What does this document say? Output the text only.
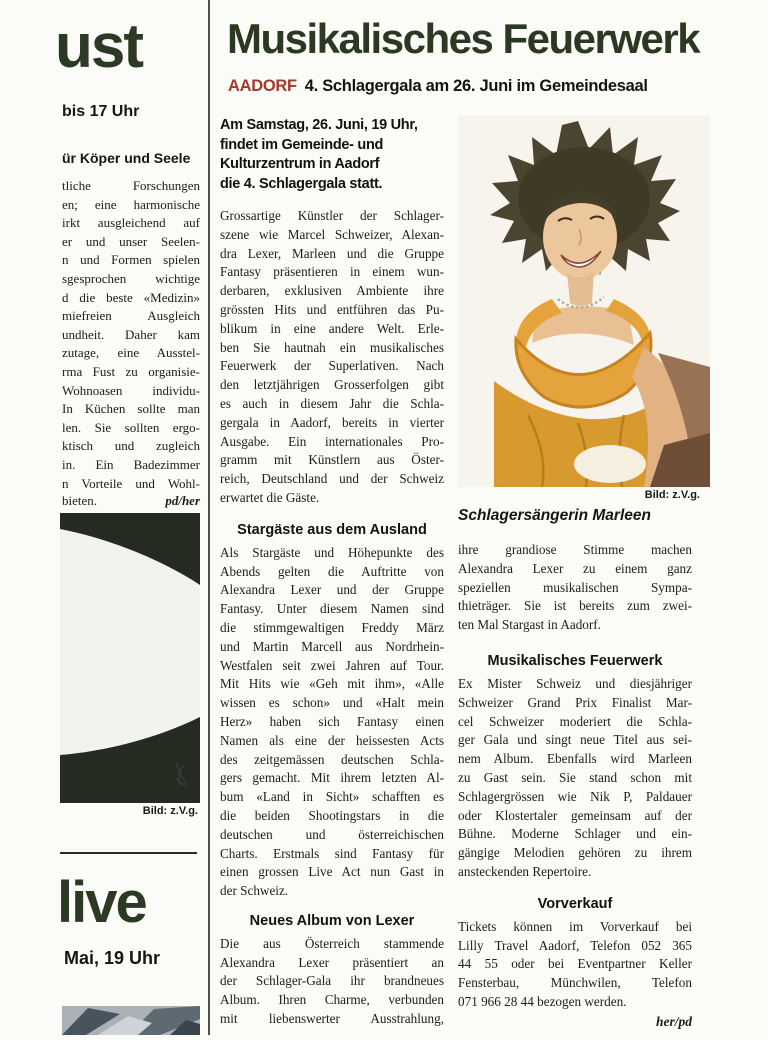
ust
bis 17 Uhr
ür Köper und Seele
tliche Forschungen
en; eine harmonische
irkt ausgleichend auf
er und unser Seelen-
n und Formen spielen
sgesprochen wichtige
d die beste «Medizin»
miefreien Ausgleich
undheit. Daher kam
zutage, eine Ausstel-
rma Fust zu organisie-
Wohnoasen individu-
In Küchen sollte man
len. Sie sollten ergo-
ktisch und zugleich
in. Ein Badezimmer
n Vorteile und Wohl-
bieten.	pd/her
Bild: z.V.g.
live
Mai, 19 Uhr
Musikalisches Feuerwerk
AADORF 4. Schlagergala am 26. Juni im Gemeindesaal
Am Samstag, 26. Juni, 19 Uhr,
findet im Gemeinde- und
Kulturzentrum in Aadorf
die 4. Schlagergala statt.
Grossartige Künstler der Schlager-
szene wie Marcel Schweizer, Alexan-
dra Lexer, Marleen und die Gruppe
Fantasy präsentieren in einem wun-
derbaren, exklusiven Ambiente ihre
grössten Hits und entführen das Pu-
blikum in eine andere Welt. Erle-
ben Sie hautnah ein musikalisches
Feuerwerk der Superlativen. Nach
den letztjährigen Grosserfolgen gibt
es auch in diesem Jahr die Schla-
gergala in Aadorf, bereits in vierter
Ausgabe. Ein internationales Pro-
gramm mit Künstlern aus Öster-
reich, Deutschland und der Schweiz
erwartet die Gäste.
Stargäste aus dem Ausland
Als Stargäste und Höhepunkte des
Abends gelten die Auftritte von
Alexandra Lexer und der Gruppe
Fantasy. Unter diesem Namen sind
die stimmgewaltigen Freddy März
und Martin Marcell aus Nordrhein-
Westfalen seit zwei Jahren auf Tour.
Mit Hits wie «Geh mit ihm», «Alle
wissen es schon» und «Halt mein
Herz» haben sich Fantasy einen
Namen als eine der heissesten Acts
des zeitgemässen deutschen Schla-
gers gemacht. Mit ihrem letzten Al-
bum «Land in Sicht» schafften es
die beiden Shootingstars in die
deutschen und österreichischen
Charts. Erstmals sind Fantasy für
einen grossen Live Act nun Gast in
der Schweiz.
Neues Album von Lexer
Die aus Österreich stammende
Alexandra Lexer präsentiert an
der Schlager-Gala ihr brandneues
Album. Ihren Charme, verbunden
mit liebenswerter Ausstrahlung,
Bild: z.V.g.
Schlagersängerin Marleen
ihre grandiose Stimme machen
Alexandra Lexer zu einem ganz
speziellen musikalischen Sympa-
thieträger. Sie ist bereits zum zwei-
ten Mal Stargast in Aadorf.
Musikalisches Feuerwerk
Ex Mister Schweiz und diesjähriger
Schweizer Grand Prix Finalist Mar-
cel Schweizer moderiert die Schla-
ger Gala und singt neue Titel aus sei-
nem Album. Ebenfalls wird Marleen
zu Gast sein. Sie stand schon mit
Schlagergrössen wie Nik P, Paldauer
oder Klostertaler gemeinsam auf der
Bühne. Moderne Schlager und ein-
gängige Melodien gehören zu ihrem
ansteckenden Repertoire.
Vorverkauf
Tickets können im Vorverkauf bei
Lilly Travel Aadorf, Telefon 052 365
44 55 oder bei Eventpartner Keller
Fensterbau, Münchwilen, Telefon
071 966 28 44 bezogen werden.
her/pd
